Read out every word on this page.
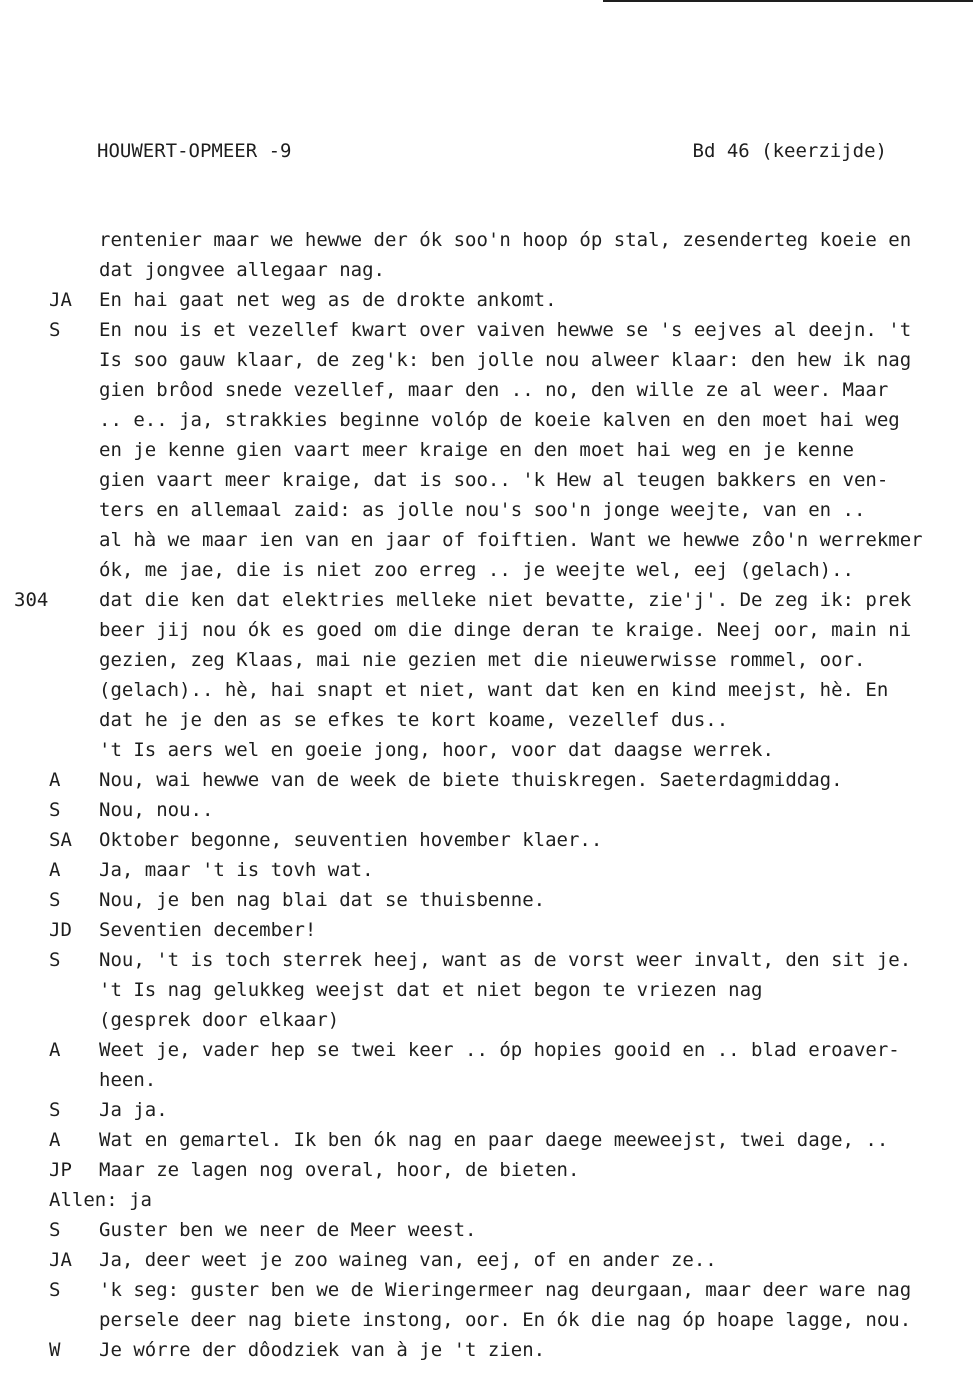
HOUWERT-OPMEER -9	Bd 46 (keerzijde)
rentenier maar we hewwe der ók soo'n hoop óp stal, zesenderteg koeie en
dat jongvee allegaar nag.
JA En hai gaat net weg as de drokte ankomt.
S En nou is et vezellef kwart over vaiven hewwe se 's eejves al deejn. 't
Is soo gauw klaar, de zeg'k: ben jolle nou alweer klaar: den hew ik nag
gien brôod snede vezellef, maar den .. no, den wille ze al weer. Maar
.. e.. ja, strakkies beginne volóp de koeie kalven en den moet hai weg
en je kenne gien vaart meer kraige en den moet hai weg en je kenne
gien vaart meer kraige, dat is soo.. 'k Hew al teugen bakkers en ven-
ters en allemaal zaid: as jolle nou's soo'n jonge weejte, van en ..
al hà we maar ien van en jaar of foiftien. Want we hewwe zôo'n werrekmer
ók, me jae, die is niet zoo erreg .. je weejte wel, eej (gelach)..
304	dat die ken dat elektries melleke niet bevatte, zie'j'. De zeg ik: prek
beer jij nou ók es goed om die dinge deran te kraige. Neej oor, main ni
gezien, zeg Klaas, mai nie gezien met die nieuwerwisse rommel, oor.
(gelach).. hè, hai snapt et niet, want dat ken en kind meejst, hè. En
dat he je den as se efkes te kort koame, vezellef dus..
't Is aers wel en goeie jong, hoor, voor dat daagse werrek.
A Nou, wai hewwe van de week de biete thuiskregen. Saeterdagmiddag.
S Nou, nou..
SA Oktober begonne, seuventien hovember klaer..
A Ja, maar 't is tovh wat.
S Nou, je ben nag blai dat se thuisbenne.
JD Seventien december!
S Nou, 't is toch sterrek heej, want as de vorst weer invalt, den sit je.
't Is nag gelukkeg weejst dat et niet begon te vriezen nag
(gesprek door elkaar)
A Weet je, vader hep se twei keer .. óp hopies gooid en .. blad eroaver-
heen.
S Ja ja.
A Wat en gemartel. Ik ben ók nag en paar daege meeweejst, twei dage, ..
JP Maar ze lagen nog overal, hoor, de bieten.
Allen: ja
S Guster ben we neer de Meer weest.
JA Ja, deer weet je zoo waineg van, eej, of en ander ze..
S 'k seg: guster ben we de Wieringermeer nag deurgaan, maar deer ware nag
persele deer nag biete instong, oor. En ók die nag óp hoape lagge, nou.
W Je wórre der dôodziek van à je 't zien.
